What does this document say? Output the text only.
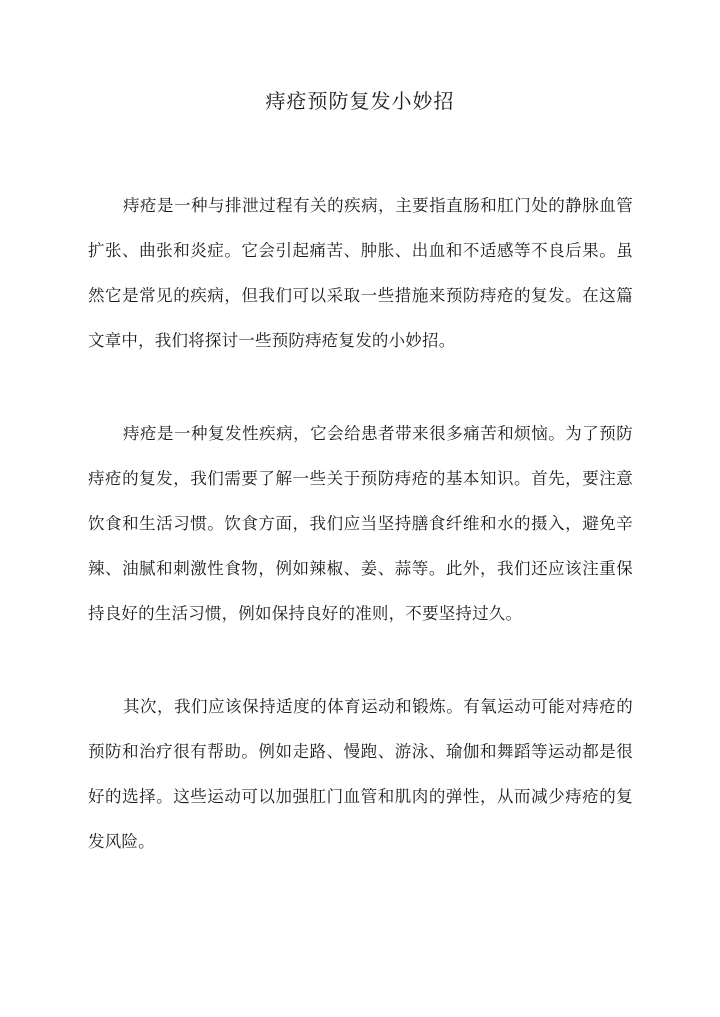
痔疮预防复发小妙招

痔疮是一种与排泄过程有关的疾病，主要指直肠和肛门处的静脉血管扩张、曲张和炎症。它会引起痛苦、肿胀、出血和不适感等不良后果。虽然它是常见的疾病，但我们可以采取一些措施来预防痔疮的复发。在这篇文章中，我们将探讨一些预防痔疮复发的小妙招。

痔疮是一种复发性疾病，它会给患者带来很多痛苦和烦恼。为了预防痔疮的复发，我们需要了解一些关于预防痔疮的基本知识。首先，要注意饮食和生活习惯。饮食方面，我们应当坚持膳食纤维和水的摄入，避免辛辣、油腻和刺激性食物，例如辣椒、姜、蒜等。此外，我们还应该注重保持良好的生活习惯，例如保持良好的准则，不要坚持过久。

其次，我们应该保持适度的体育运动和锻炼。有氧运动可能对痔疮的预防和治疗很有帮助。例如走路、慢跑、游泳、瑜伽和舞蹈等运动都是很好的选择。这些运动可以加强肛门血管和肌肉的弹性，从而减少痔疮的复发风险。
